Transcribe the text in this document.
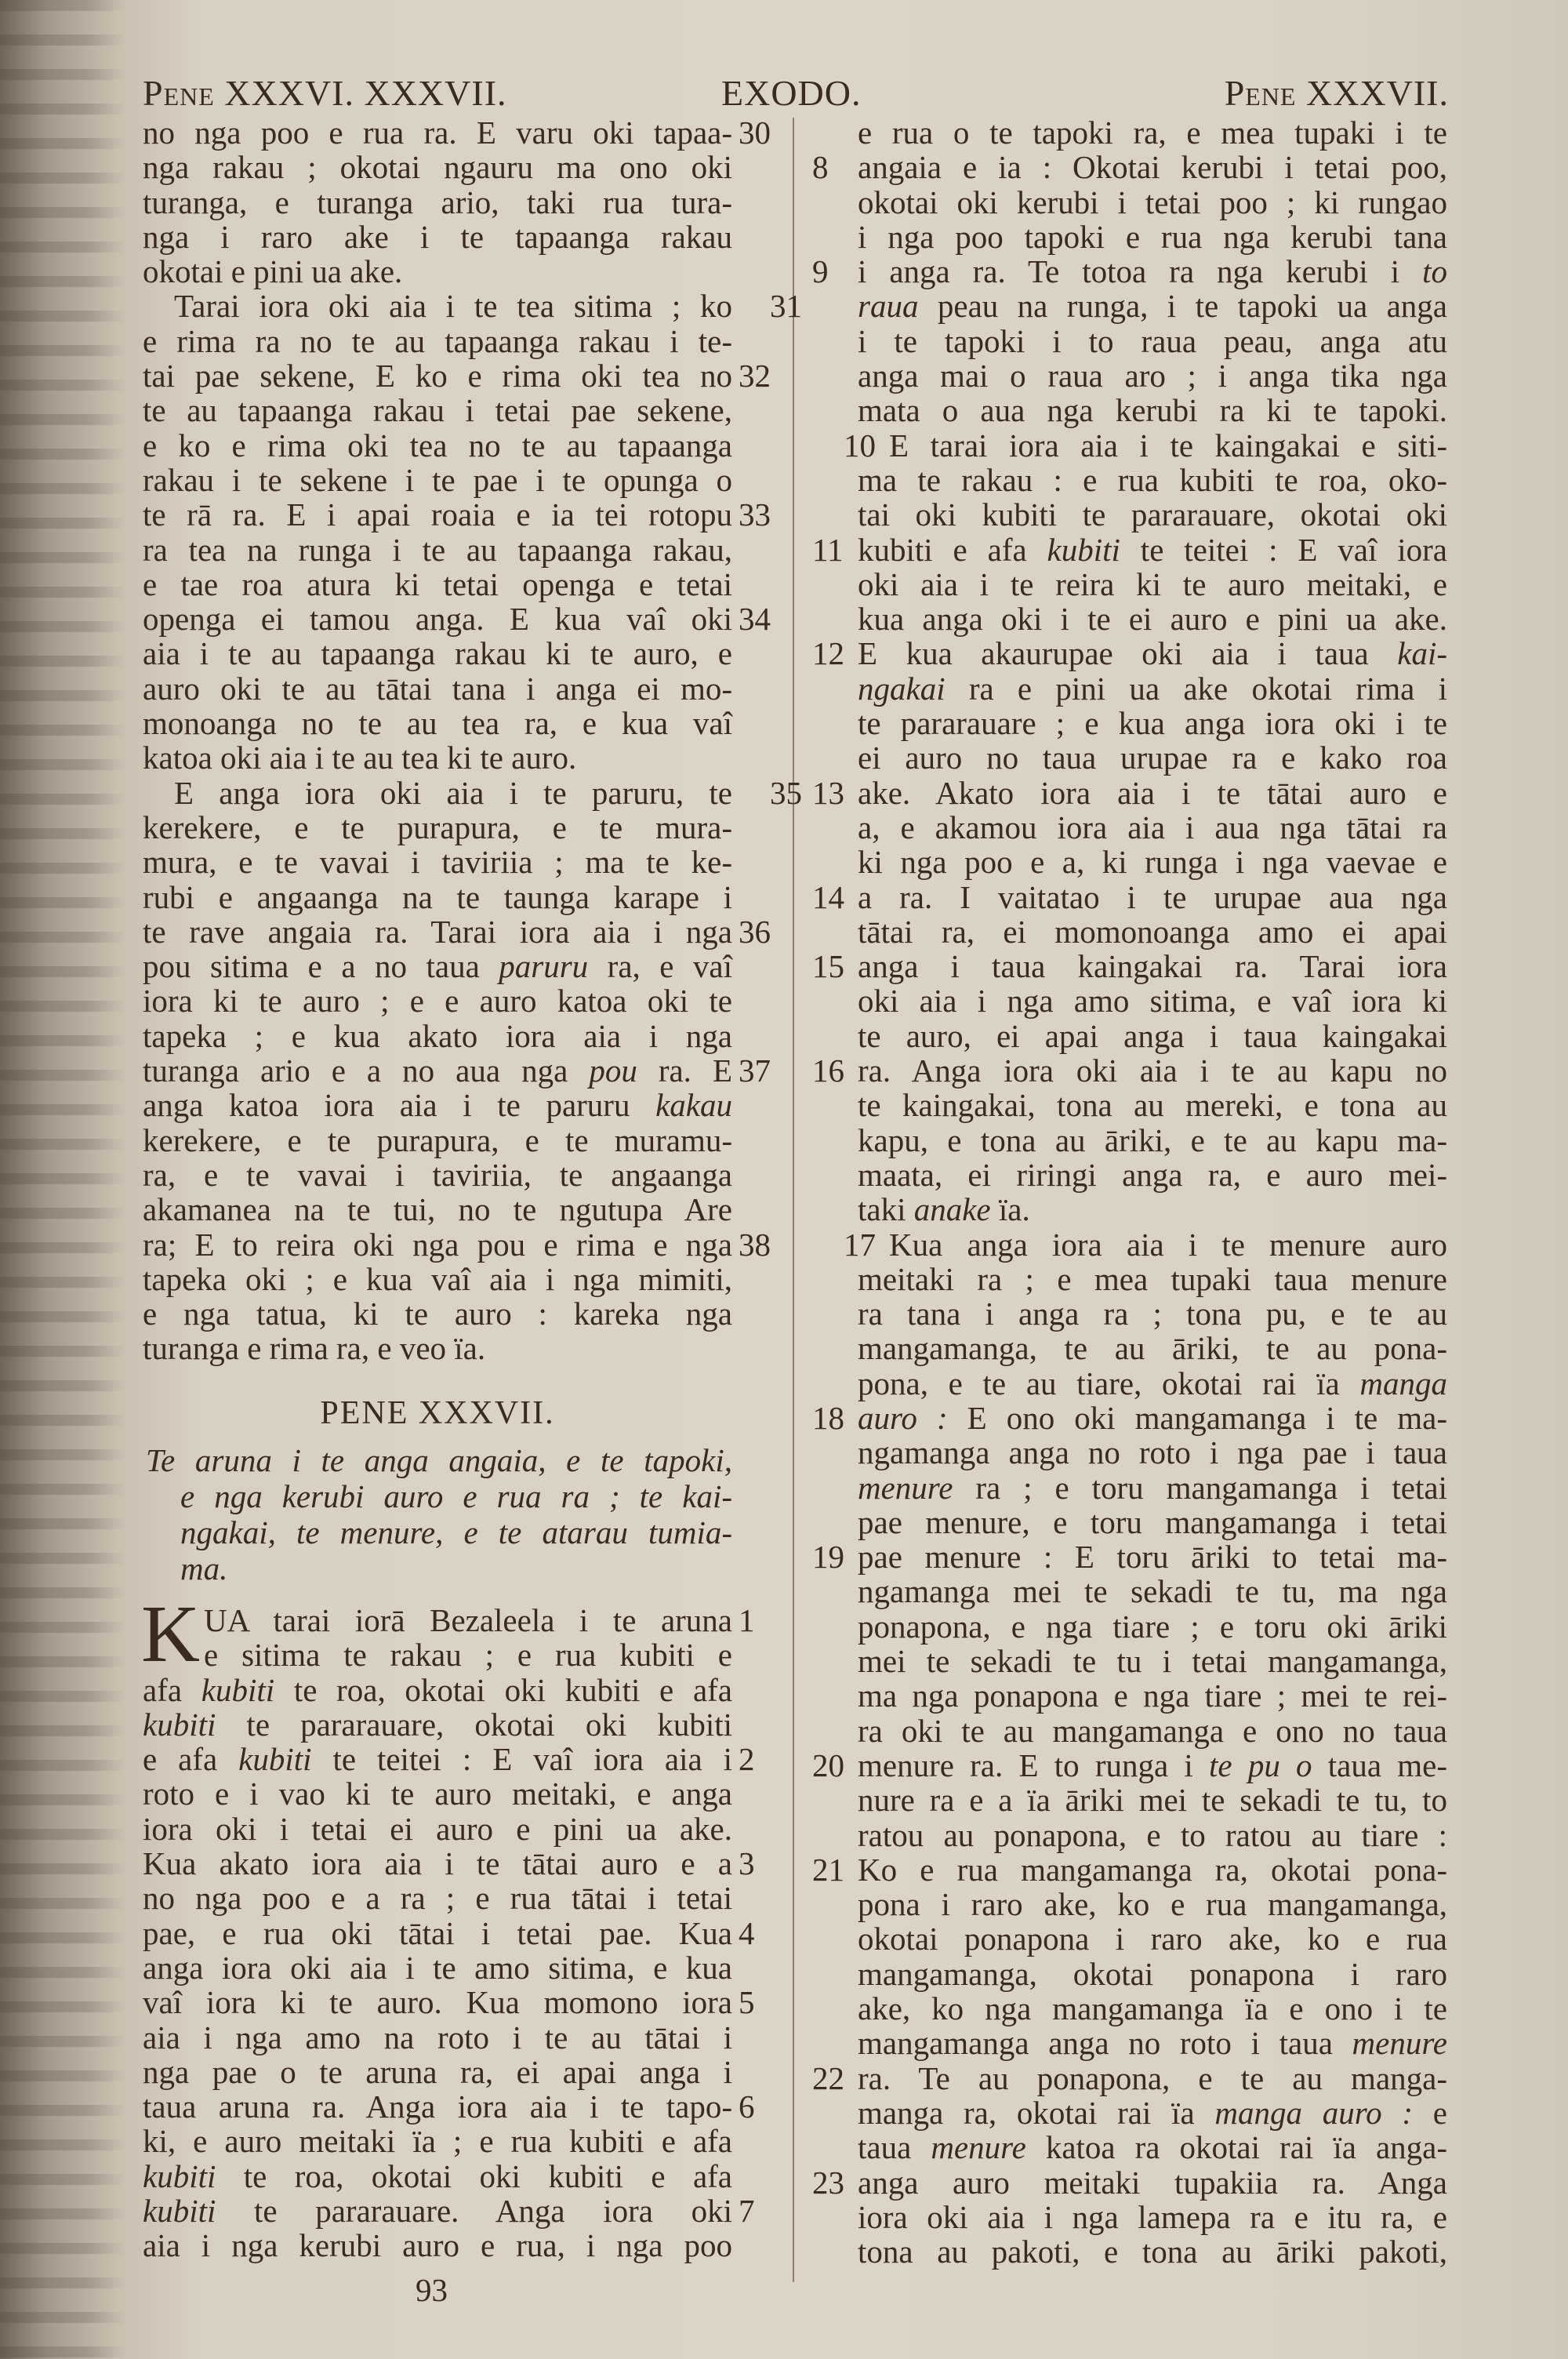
Pene XXXVI. XXXVII.	EXODO.	Pene XXXVII.
no nga poo e rua ra. E varu oki tapaa- 30
nga rakau ; okotai ngauru ma ono oki
turanga, e turanga ario, taki rua tura-
nga i raro ake i te tapaanga rakau
okotai e pini ua ake.
Tarai iora oki aia i te tea sitima ; ko	31
e rima ra no te au tapaanga rakau i te-
tai pae sekene, E ko e rima oki tea no 32
te au tapaanga rakau i tetai pae sekene,
e ko e rima oki tea no te au tapaanga
rakau i te sekene i te pae i te opunga o
te rā ra. E i apai roaia e ia tei rotopu 33
ra tea na runga i te au tapaanga rakau,
e tae roa atura ki tetai openga e tetai
openga ei tamou anga. E kua vaî oki 34
aia i te au tapaanga rakau ki te auro, e
auro oki te au tātai tana i anga ei mo-
monoanga no te au tea ra, e kua vaî
katoa oki aia i te au tea ki te auro.
E anga iora oki aia i te paruru, te	35
kerekere, e te purapura, e te mura-
mura, e te vavai i taviriia ; ma te ke-
rubi e angaanga na te taunga karape i
te rave angaia ra. Tarai iora aia i nga 36
pou sitima e a no taua paruru ra, e vaî
iora ki te auro ; e e auro katoa oki te
tapeka ; e kua akato iora aia i nga
turanga ario e a no aua nga pou ra. E 37
anga katoa iora aia i te paruru kakau
kerekere, e te purapura, e te muramu-
ra, e te vavai i taviriia, te angaanga
akamanea na te tui, no te ngutupa Are
ra; E to reira oki nga pou e rima e nga 38
tapeka oki ; e kua vaî aia i nga mimiti,
e nga tatua, ki te auro : kareka nga
turanga e rima ra, e veo ïa.
PENE XXXVII.
Te aruna i te anga angaia, e te tapoki,
e nga kerubi auro e rua ra ; te kai-
ngakai, te menure, e te atarau tumia-
ma.
K UA tarai iorā Bezaleela i te aruna 1
e sitima te rakau ; e rua kubiti e
afa kubiti te roa, okotai oki kubiti e afa
kubiti te pararauare, okotai oki kubiti
e afa kubiti te teitei : E vaî iora aia i 2
roto e i vao ki te auro meitaki, e anga
iora oki i tetai ei auro e pini ua ake.
Kua akato iora aia i te tātai auro e a 3
no nga poo e a ra ; e rua tātai i tetai
pae, e rua oki tātai i tetai pae. Kua 4
anga iora oki aia i te amo sitima, e kua
vaî iora ki te auro. Kua momono iora 5
aia i nga amo na roto i te au tātai i
nga pae o te aruna ra, ei apai anga i
taua aruna ra. Anga iora aia i te tapo- 6
ki, e auro meitaki ïa ; e rua kubiti e afa
kubiti te roa, okotai oki kubiti e afa
kubiti te pararauare. Anga iora oki 7
aia i nga kerubi auro e rua, i nga poo
e rua o te tapoki ra, e mea tupaki i te
angaia e ia : Okotai kerubi i tetai poo,
8
okotai oki kerubi i tetai poo ; ki rungao
i nga poo tapoki e rua nga kerubi tana
i anga ra. Te totoa ra nga kerubi i to
9
raua peau na runga, i te tapoki ua anga
i te tapoki i to raua peau, anga atu
anga mai o raua aro ; i anga tika nga
mata o aua nga kerubi ra ki te tapoki.
E tarai iora aia i te kaingakai e siti-
10
ma te rakau : e rua kubiti te roa, oko-
tai oki kubiti te pararauare, okotai oki
kubiti e afa kubiti te teitei : E vaî iora
11
oki aia i te reira ki te auro meitaki, e
kua anga oki i te ei auro e pini ua ake.
E kua akaurupae oki aia i taua kai-
12
ngakai ra e pini ua ake okotai rima i
te pararauare ; e kua anga iora oki i te
ei auro no taua urupae ra e kako roa
ake. Akato iora aia i te tātai auro e
13
a, e akamou iora aia i aua nga tātai ra
ki nga poo e a, ki runga i nga vaevae e
a ra. I vaitatao i te urupae aua nga
14
tātai ra, ei momonoanga amo ei apai
anga i taua kaingakai ra. Tarai iora
15
oki aia i nga amo sitima, e vaî iora ki
te auro, ei apai anga i taua kaingakai
ra. Anga iora oki aia i te au kapu no
16
te kaingakai, tona au mereki, e tona au
kapu, e tona au āriki, e te au kapu ma-
maata, ei riringi anga ra, e auro mei-
taki anake ïa.
Kua anga iora aia i te menure auro
17
meitaki ra ; e mea tupaki taua menure
ra tana i anga ra ; tona pu, e te au
mangamanga, te au āriki, te au pona-
pona, e te au tiare, okotai rai ïa manga
auro : E ono oki mangamanga i te ma-
18
ngamanga anga no roto i nga pae i taua
menure ra ; e toru mangamanga i tetai
pae menure, e toru mangamanga i tetai
pae menure : E toru āriki to tetai ma-
19
ngamanga mei te sekadi te tu, ma nga
ponapona, e nga tiare ; e toru oki āriki
mei te sekadi te tu i tetai mangamanga,
ma nga ponapona e nga tiare ; mei te rei-
ra oki te au mangamanga e ono no taua
menure ra. E to runga i te pu o taua me-
20
nure ra e a ïa āriki mei te sekadi te tu, to
ratou au ponapona, e to ratou au tiare :
Ko e rua mangamanga ra, okotai pona-
21
pona i raro ake, ko e rua mangamanga,
okotai ponapona i raro ake, ko e rua
mangamanga, okotai ponapona i raro
ake, ko nga mangamanga ïa e ono i te
mangamanga anga no roto i taua menure
ra. Te au ponapona, e te au manga-
22
manga ra, okotai rai ïa manga auro : e
taua menure katoa ra okotai rai ïa anga-
anga auro meitaki tupakiia ra. Anga
23
iora oki aia i nga lamepa ra e itu ra, e
tona au pakoti, e tona au āriki pakoti,
93
